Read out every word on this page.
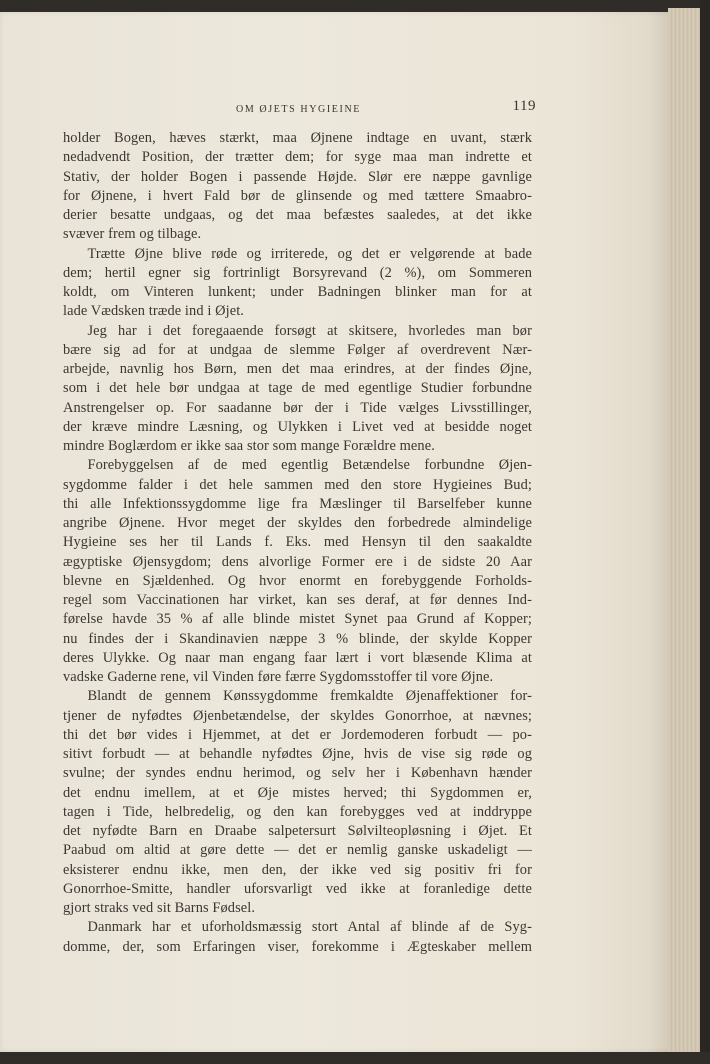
OM ØJETS HYGIEINE	119
holder Bogen, hæves stærkt, maa Øjnene indtage en uvant, stærk
nedadvendt Position, der trætter dem; for syge maa man indrette et
Stativ, der holder Bogen i passende Højde. Slør ere næppe gavnlige
for Øjnene, i hvert Fald bør de glinsende og med tættere Smaabro-
derier besatte undgaas, og det maa befæstes saaledes, at det ikke
svæver frem og tilbage.
Trætte Øjne blive røde og irriterede, og det er velgørende at bade
dem; hertil egner sig fortrinligt Borsyrevand (2 %), om Sommeren
koldt, om Vinteren lunkent; under Badningen blinker man for at
lade Vædsken træde ind i Øjet.
Jeg har i det foregaaende forsøgt at skitsere, hvorledes man bør
bære sig ad for at undgaa de slemme Følger af overdrevent Nær-
arbejde, navnlig hos Børn, men det maa erindres, at der findes Øjne,
som i det hele bør undgaa at tage de med egentlige Studier forbundne
Anstrengelser op. For saadanne bør der i Tide vælges Livsstillinger,
der kræve mindre Læsning, og Ulykken i Livet ved at besidde noget
mindre Boglærdom er ikke saa stor som mange Forældre mene.
Forebyggelsen af de med egentlig Betændelse forbundne Øjen-
sygdomme falder i det hele sammen med den store Hygieines Bud;
thi alle Infektionssygdomme lige fra Mæslinger til Barselfeber kunne
angribe Øjnene. Hvor meget der skyldes den forbedrede almindelige
Hygieine ses her til Lands f. Eks. med Hensyn til den saakaldte
ægyptiske Øjensygdom; dens alvorlige Former ere i de sidste 20 Aar
blevne en Sjældenhed. Og hvor enormt en forebyggende Forholds-
regel som Vaccinationen har virket, kan ses deraf, at før dennes Ind-
førelse havde 35 % af alle blinde mistet Synet paa Grund af Kopper;
nu findes der i Skandinavien næppe 3 % blinde, der skylde Kopper
deres Ulykke. Og naar man engang faar lært i vort blæsende Klima at
vadske Gaderne rene, vil Vinden føre færre Sygdomsstoffer til vore Øjne.
Blandt de gennem Kønssygdomme fremkaldte Øjenaffektioner for-
tjener de nyfødtes Øjenbetændelse, der skyldes Gonorrhoe, at nævnes;
thi det bør vides i Hjemmet, at det er Jordemoderen forbudt — po-
sitivt forbudt — at behandle nyfødtes Øjne, hvis de vise sig røde og
svulne; der syndes endnu herimod, og selv her i København hænder
det endnu imellem, at et Øje mistes herved; thi Sygdommen er,
tagen i Tide, helbredelig, og den kan forebygges ved at inddryppe
det nyfødte Barn en Draabe salpetersurt Sølvilteopløsning i Øjet. Et
Paabud om altid at gøre dette — det er nemlig ganske uskadeligt —
eksisterer endnu ikke, men den, der ikke ved sig positiv fri for
Gonorrhoe-Smitte, handler uforsvarligt ved ikke at foranledige dette
gjort straks ved sit Barns Fødsel.
Danmark har et uforholdsmæssig stort Antal af blinde af de Syg-
domme, der, som Erfaringen viser, forekomme i Ægteskaber mellem
